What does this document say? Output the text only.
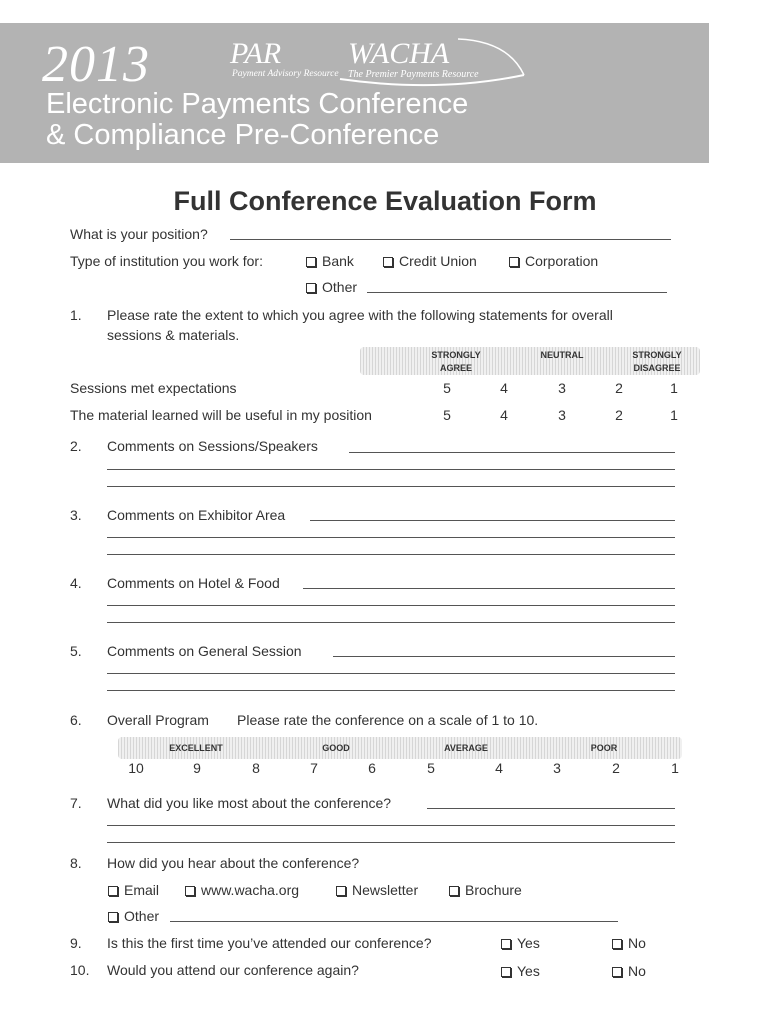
2013	PAR
Payment Advisory Resource
WACHA
The Premier Payments Resource
Electronic Payments Conference
& Compliance Pre-Conference
Full Conference Evaluation Form
What is your position?
Type of institution you work for:	Bank	Credit Union	Corporation
Other
1. Please rate the extent to which you agree with the following statements for overall
sessions & materials.
STRONGLY
AGREE
NEUTRAL	STRONGLY
DISAGREE
Sessions met expectations	5	4	3	2	1
The material learned will be useful in my position	5	4	3	2	1
2. Comments on Sessions/Speakers
3. Comments on Exhibitor Area
4. Comments on Hotel & Food
5. Comments on General Session
6. Overall Program Please rate the conference on a scale of 1 to 10.
EXCELLENT	GOOD	AVERAGE	POOR
10	9	8	7	6	5	4	3	2	1
7. What did you like most about the conference?
8. How did you hear about the conference?
Email	www.wacha.org	Newsletter	Brochure
Other
9. Is this the first time you’ve attended our conference?	Yes	No
10. Would you attend our conference again?	Yes	No
